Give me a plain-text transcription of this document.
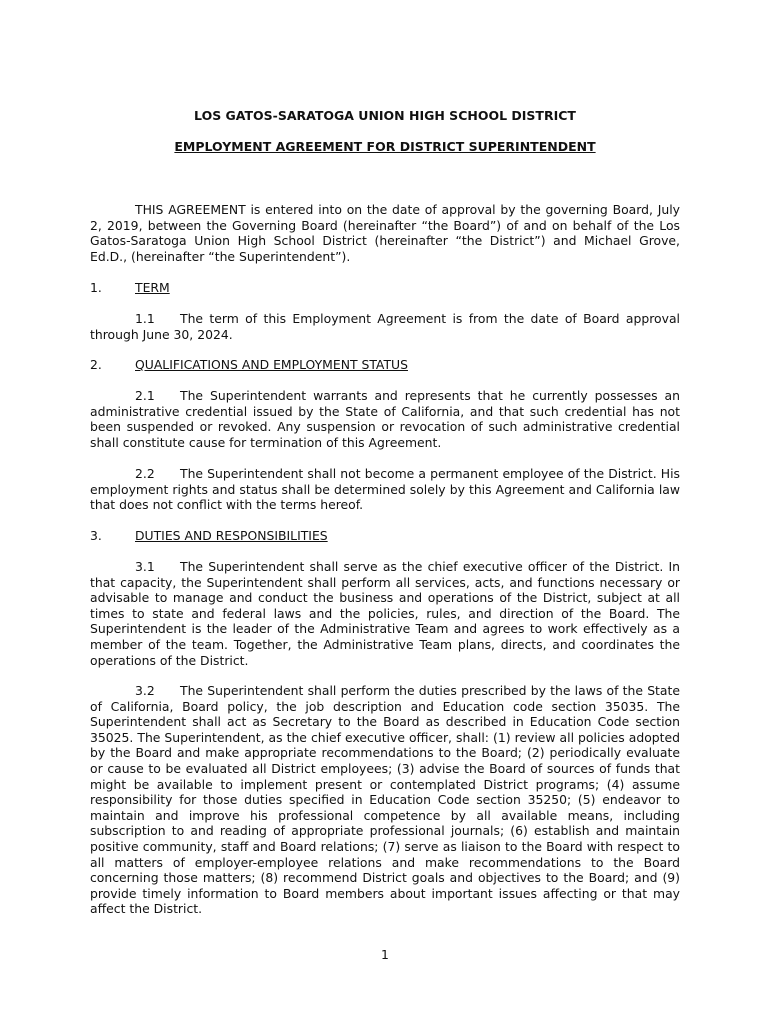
LOS GATOS-SARATOGA UNION HIGH SCHOOL DISTRICT
EMPLOYMENT AGREEMENT FOR DISTRICT SUPERINTENDENT

THIS AGREEMENT is entered into on the date of approval by the governing Board, July 2, 2019, between the Governing Board (hereinafter “the Board”) of and on behalf of the Los Gatos-Saratoga Union High School District (hereinafter “the District”) and Michael Grove, Ed.D., (hereinafter “the Superintendent”).

1.	TERM

1.1 The term of this Employment Agreement is from the date of Board approval through June 30, 2024.

2.	QUALIFICATIONS AND EMPLOYMENT STATUS

2.1 The Superintendent warrants and represents that he currently possesses an administrative credential issued by the State of California, and that such credential has not been suspended or revoked. Any suspension or revocation of such administrative credential shall constitute cause for termination of this Agreement.

2.2 The Superintendent shall not become a permanent employee of the District. His employment rights and status shall be determined solely by this Agreement and California law that does not conflict with the terms hereof.

3.	DUTIES AND RESPONSIBILITIES

3.1 The Superintendent shall serve as the chief executive officer of the District. In that capacity, the Superintendent shall perform all services, acts, and functions necessary or advisable to manage and conduct the business and operations of the District, subject at all times to state and federal laws and the policies, rules, and direction of the Board. The Superintendent is the leader of the Administrative Team and agrees to work effectively as a member of the team. Together, the Administrative Team plans, directs, and coordinates the operations of the District.

3.2 The Superintendent shall perform the duties prescribed by the laws of the State of California, Board policy, the job description and Education code section 35035. The Superintendent shall act as Secretary to the Board as described in Education Code section 35025. The Superintendent, as the chief executive officer, shall: (1) review all policies adopted by the Board and make appropriate recommendations to the Board; (2) periodically evaluate or cause to be evaluated all District employees; (3) advise the Board of sources of funds that might be available to implement present or contemplated District programs; (4) assume responsibility for those duties specified in Education Code section 35250; (5) endeavor to maintain and improve his professional competence by all available means, including subscription to and reading of appropriate professional journals; (6) establish and maintain positive community, staff and Board relations; (7) serve as liaison to the Board with respect to all matters of employer-employee relations and make recommendations to the Board concerning those matters; (8) recommend District goals and objectives to the Board; and (9) provide timely information to Board members about important issues affecting or that may affect the District.

1
